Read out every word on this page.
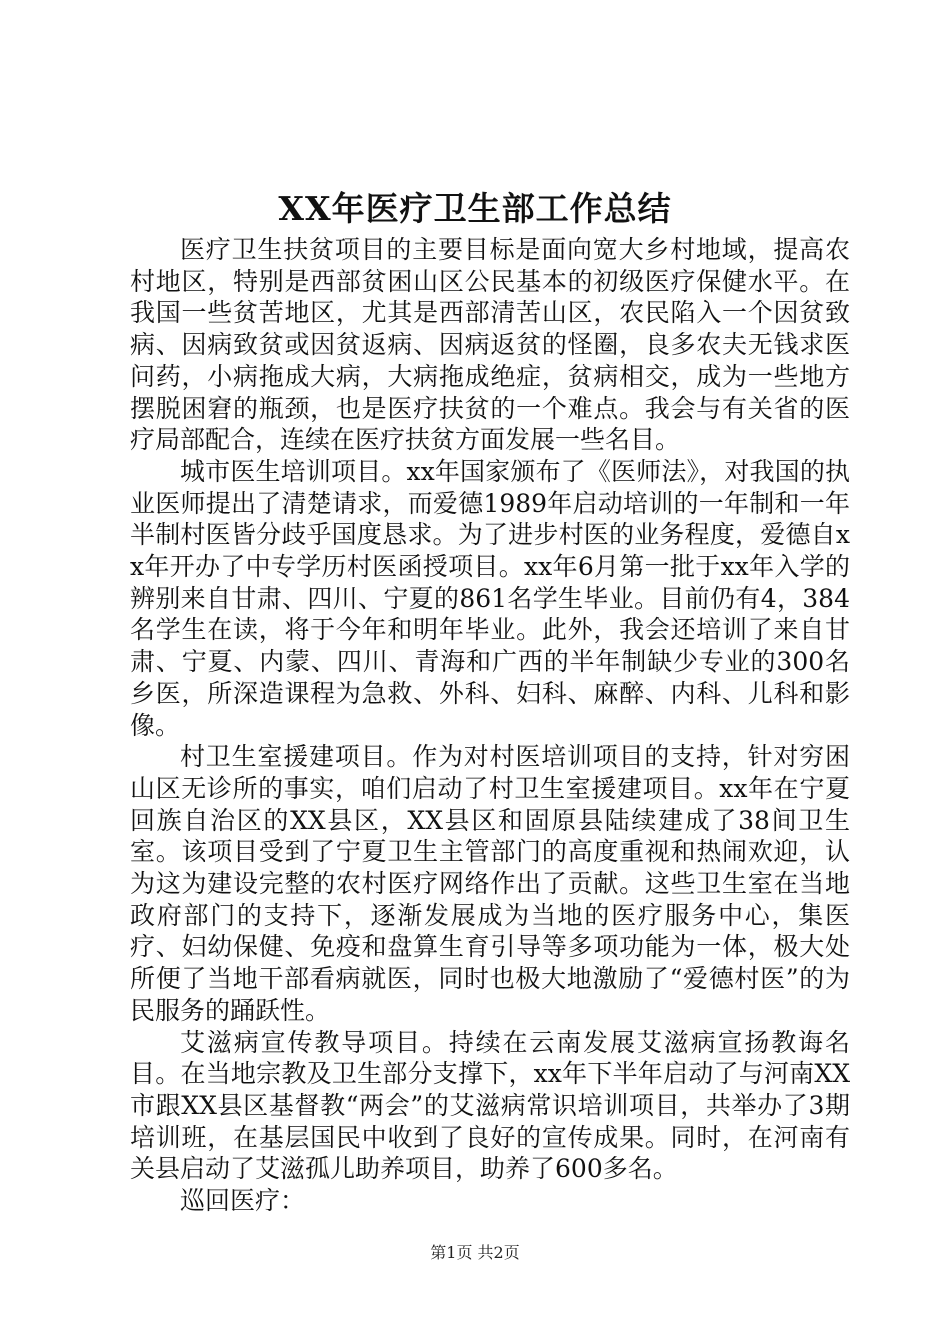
XX年医疗卫生部工作总结

医疗卫生扶贫项目的主要目标是面向宽大乡村地域，提高农村地区，特别是西部贫困山区公民基本的初级医疗保健水平。在我国一些贫苦地区，尤其是西部清苦山区，农民陷入一个因贫致病、因病致贫或因贫返病、因病返贫的怪圈，良多农夫无钱求医问药，小病拖成大病，大病拖成绝症，贫病相交，成为一些地方摆脱困窘的瓶颈，也是医疗扶贫的一个难点。我会与有关省的医疗局部配合，连续在医疗扶贫方面发展一些名目。

城市医生培训项目。xx年国家颁布了《医师法》，对我国的执业医师提出了清楚请求，而爱德1989年启动培训的一年制和一年半制村医皆分歧乎国度恳求。为了进步村医的业务程度，爱德自xx年开办了中专学历村医函授项目。xx年6月第一批于xx年入学的辨别来自甘肃、四川、宁夏的861名学生毕业。目前仍有4，384名学生在读，将于今年和明年毕业。此外，我会还培训了来自甘肃、宁夏、内蒙、四川、青海和广西的半年制缺少专业的300名乡医，所深造课程为急救、外科、妇科、麻醉、内科、儿科和影像。

村卫生室援建项目。作为对村医培训项目的支持，针对穷困山区无诊所的事实，咱们启动了村卫生室援建项目。xx年在宁夏回族自治区的XX县区，XX县区和固原县陆续建成了38间卫生室。该项目受到了宁夏卫生主管部门的高度重视和热闹欢迎，认为这为建设完整的农村医疗网络作出了贡献。这些卫生室在当地政府部门的支持下，逐渐发展成为当地的医疗服务中心，集医疗、妇幼保健、免疫和盘算生育引导等多项功能为一体，极大处所便了当地干部看病就医，同时也极大地激励了“爱德村医”的为民服务的踊跃性。

艾滋病宣传教导项目。持续在云南发展艾滋病宣扬教诲名目。在当地宗教及卫生部分支撑下，xx年下半年启动了与河南XX市跟XX县区基督教“两会”的艾滋病常识培训项目，共举办了3期培训班，在基层国民中收到了良好的宣传成果。同时，在河南有关县启动了艾滋孤儿助养项目，助养了600多名。

巡回医疗：

第1页 共2页
